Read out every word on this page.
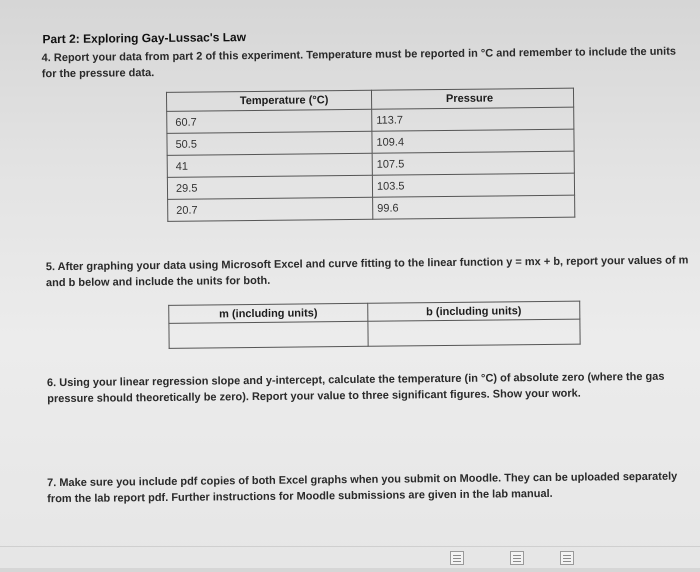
Part 2: Exploring Gay-Lussac's Law
4. Report your data from part 2 of this experiment. Temperature must be reported in °C and remember to include the units for the pressure data.
Temperature (°C)	Pressure
60.7	113.7
50.5	109.4
41	107.5
29.5	103.5
20.7	99.6
5. After graphing your data using Microsoft Excel and curve fitting to the linear function y = mx + b, report your values of m and b below and include the units for both.
m (including units)	b (including units)

6. Using your linear regression slope and y-intercept, calculate the temperature (in °C) of absolute zero (where the gas pressure should theoretically be zero). Report your value to three significant figures. Show your work.
7. Make sure you include pdf copies of both Excel graphs when you submit on Moodle. They can be uploaded separately from the lab report pdf. Further instructions for Moodle submissions are given in the lab manual.
